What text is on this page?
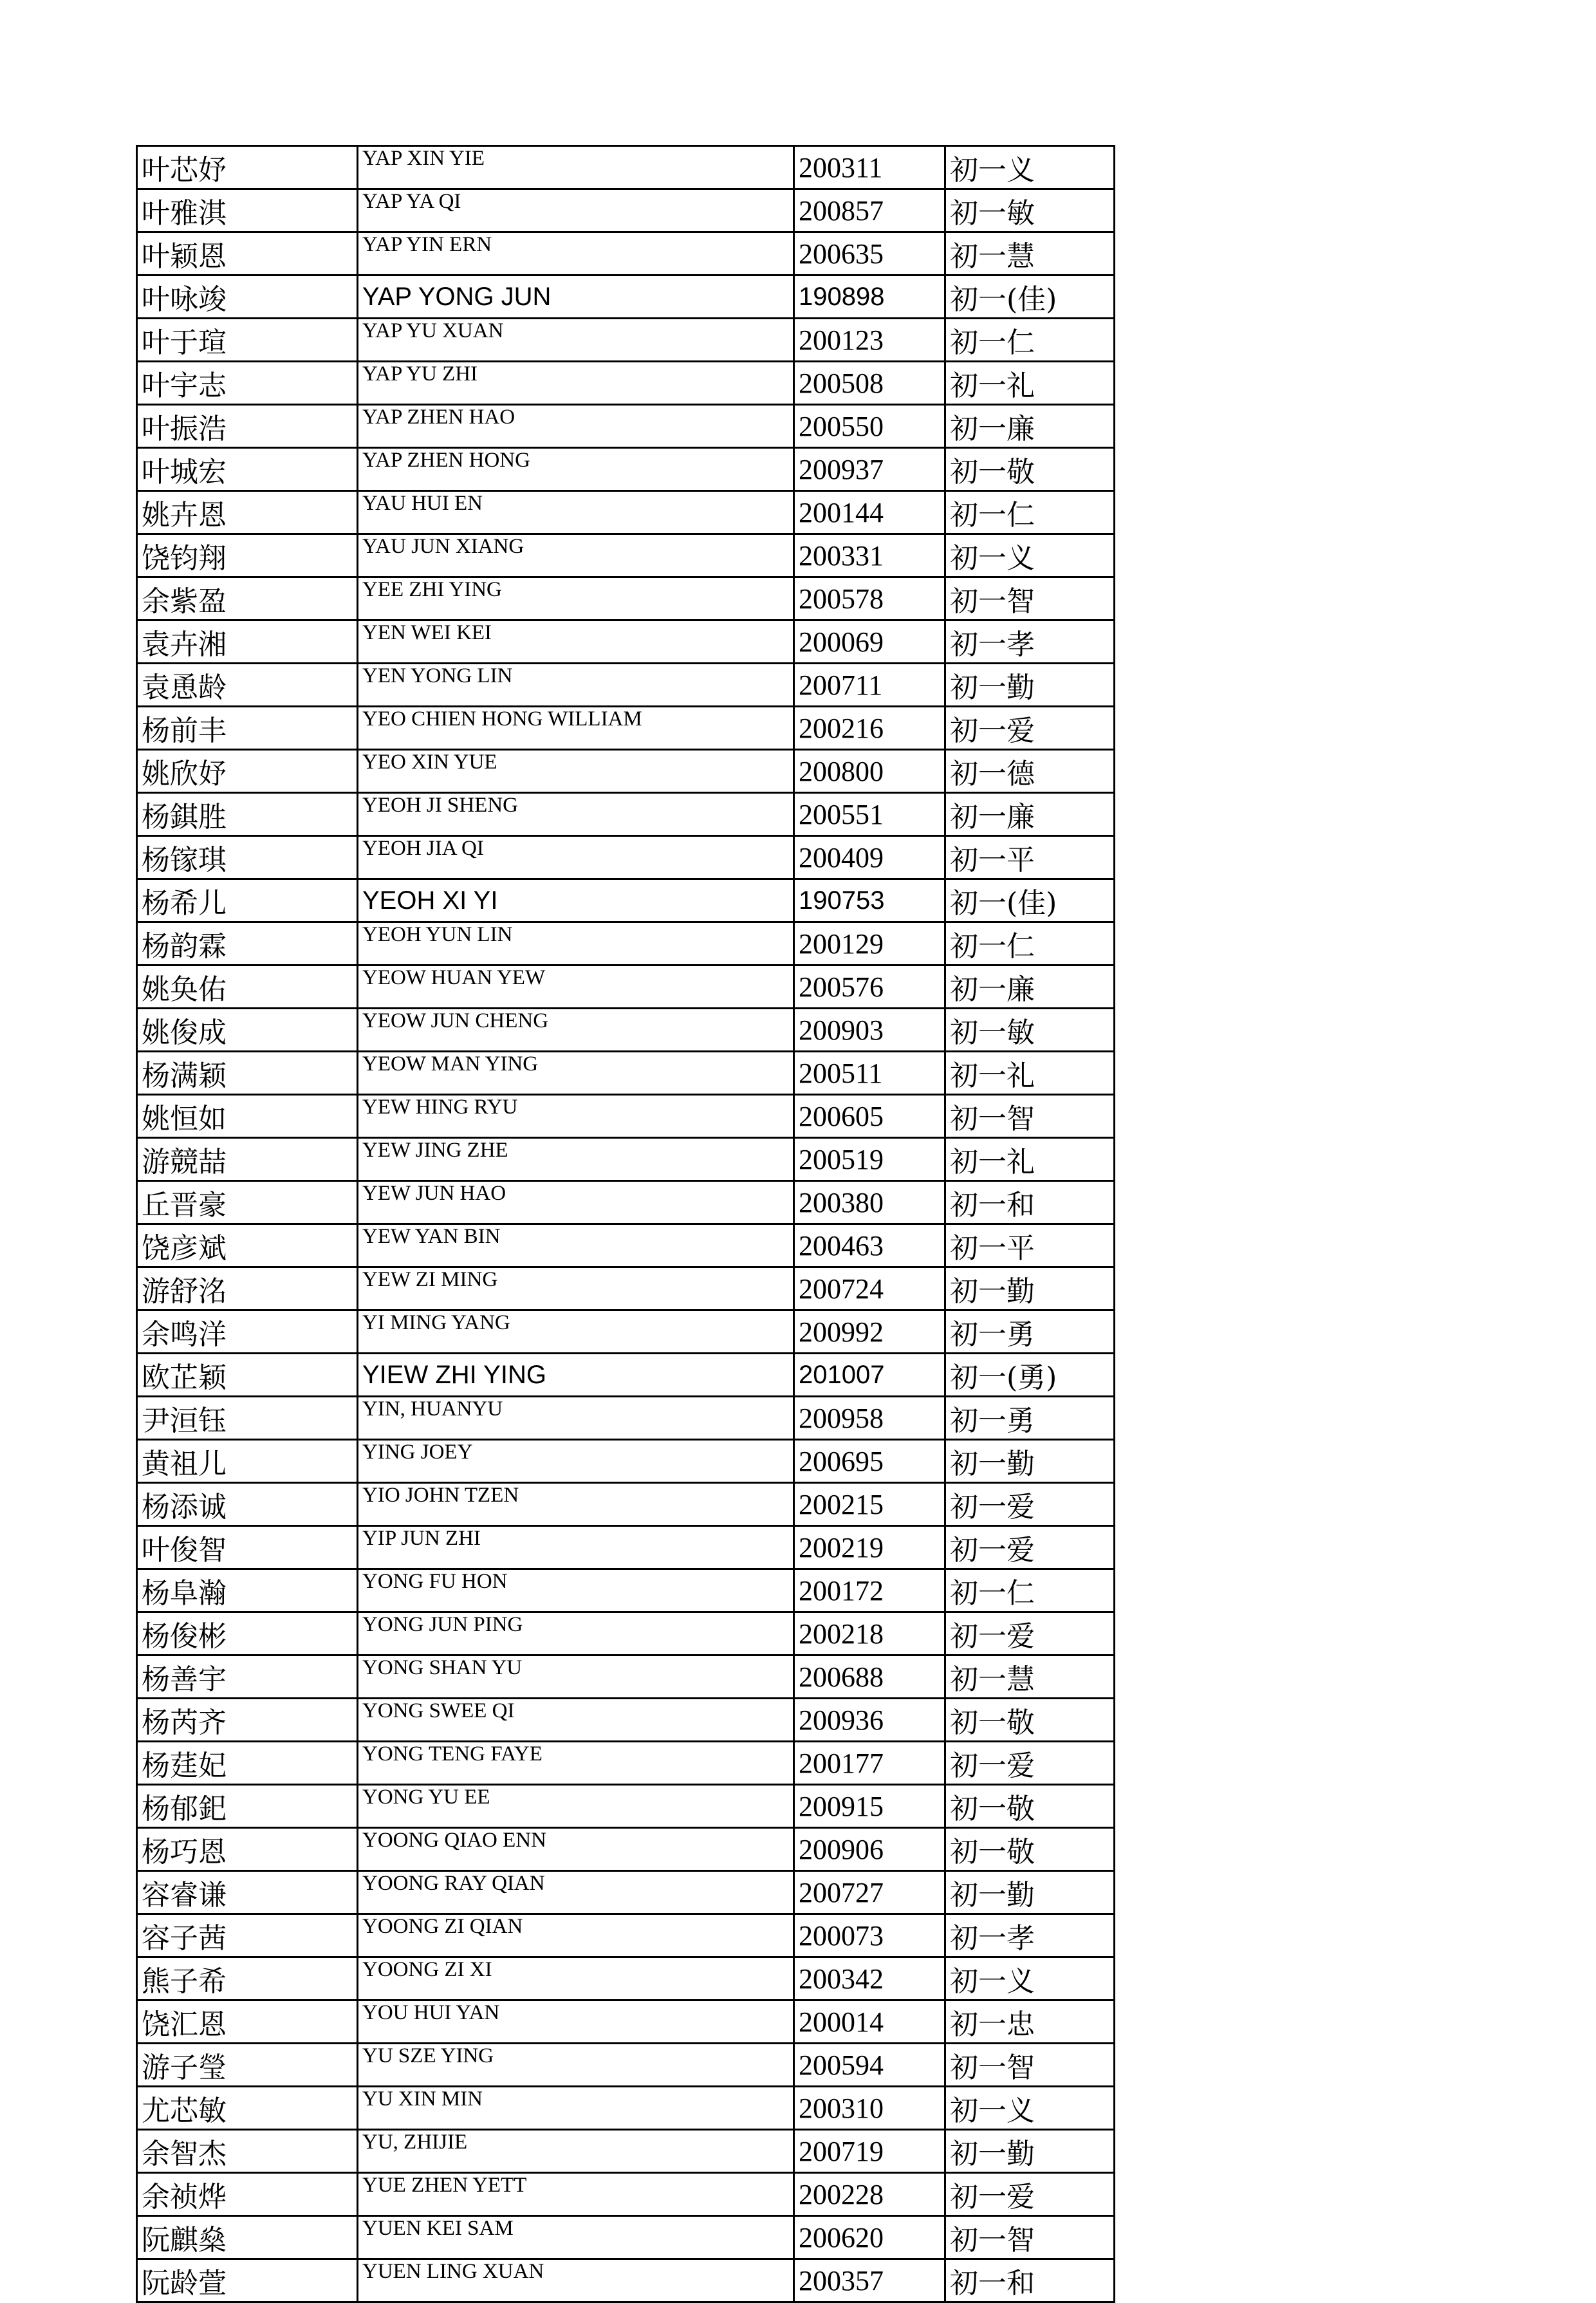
叶芯妤	YAP XIN YIE	200311	初一义
叶雅淇	YAP YA QI	200857	初一敏
叶颖恩	YAP YIN ERN	200635	初一慧
叶咏竣	YAP YONG JUN	190898	初一(佳)
叶于瑄	YAP YU XUAN	200123	初一仁
叶宇志	YAP YU ZHI	200508	初一礼
叶振浩	YAP ZHEN HAO	200550	初一廉
叶城宏	YAP ZHEN HONG	200937	初一敬
姚卉恩	YAU HUI EN	200144	初一仁
饶钧翔	YAU JUN XIANG	200331	初一义
余紫盈	YEE ZHI YING	200578	初一智
袁卉湘	YEN WEI KEI	200069	初一孝
袁恿龄	YEN YONG LIN	200711	初一勤
杨前丰	YEO CHIEN HONG WILLIAM	200216	初一爱
姚欣妤	YEO XIN YUE	200800	初一德
杨錤胜	YEOH JI SHENG	200551	初一廉
杨镓琪	YEOH JIA QI	200409	初一平
杨希儿	YEOH XI YI	190753	初一(佳)
杨韵霖	YEOH YUN LIN	200129	初一仁
姚奂佑	YEOW HUAN YEW	200576	初一廉
姚俊成	YEOW JUN CHENG	200903	初一敏
杨满颖	YEOW MAN YING	200511	初一礼
姚恒如	YEW HING RYU	200605	初一智
游競喆	YEW JING ZHE	200519	初一礼
丘晋豪	YEW JUN HAO	200380	初一和
饶彦斌	YEW YAN BIN	200463	初一平
游舒洺	YEW ZI MING	200724	初一勤
余鸣洋	YI MING YANG	200992	初一勇
欧芷颖	YIEW ZHI YING	201007	初一(勇)
尹洹钰	YIN, HUANYU	200958	初一勇
黄祖儿	YING JOEY	200695	初一勤
杨添诚	YIO JOHN TZEN	200215	初一爱
叶俊智	YIP JUN ZHI	200219	初一爱
杨阜瀚	YONG FU HON	200172	初一仁
杨俊彬	YONG JUN PING	200218	初一爱
杨善宇	YONG SHAN YU	200688	初一慧
杨芮齐	YONG SWEE QI	200936	初一敬
杨莛妃	YONG TENG FAYE	200177	初一爱
杨郁釲	YONG YU EE	200915	初一敬
杨巧恩	YOONG QIAO ENN	200906	初一敬
容睿谦	YOONG RAY QIAN	200727	初一勤
容子茜	YOONG ZI QIAN	200073	初一孝
熊子希	YOONG ZI XI	200342	初一义
饶汇恩	YOU HUI YAN	200014	初一忠
游子瑩	YU SZE YING	200594	初一智
尤芯敏	YU XIN MIN	200310	初一义
余智杰	YU, ZHIJIE	200719	初一勤
余祯烨	YUE ZHEN YETT	200228	初一爱
阮麒燊	YUEN KEI SAM	200620	初一智
阮龄萱	YUEN LING XUAN	200357	初一和
